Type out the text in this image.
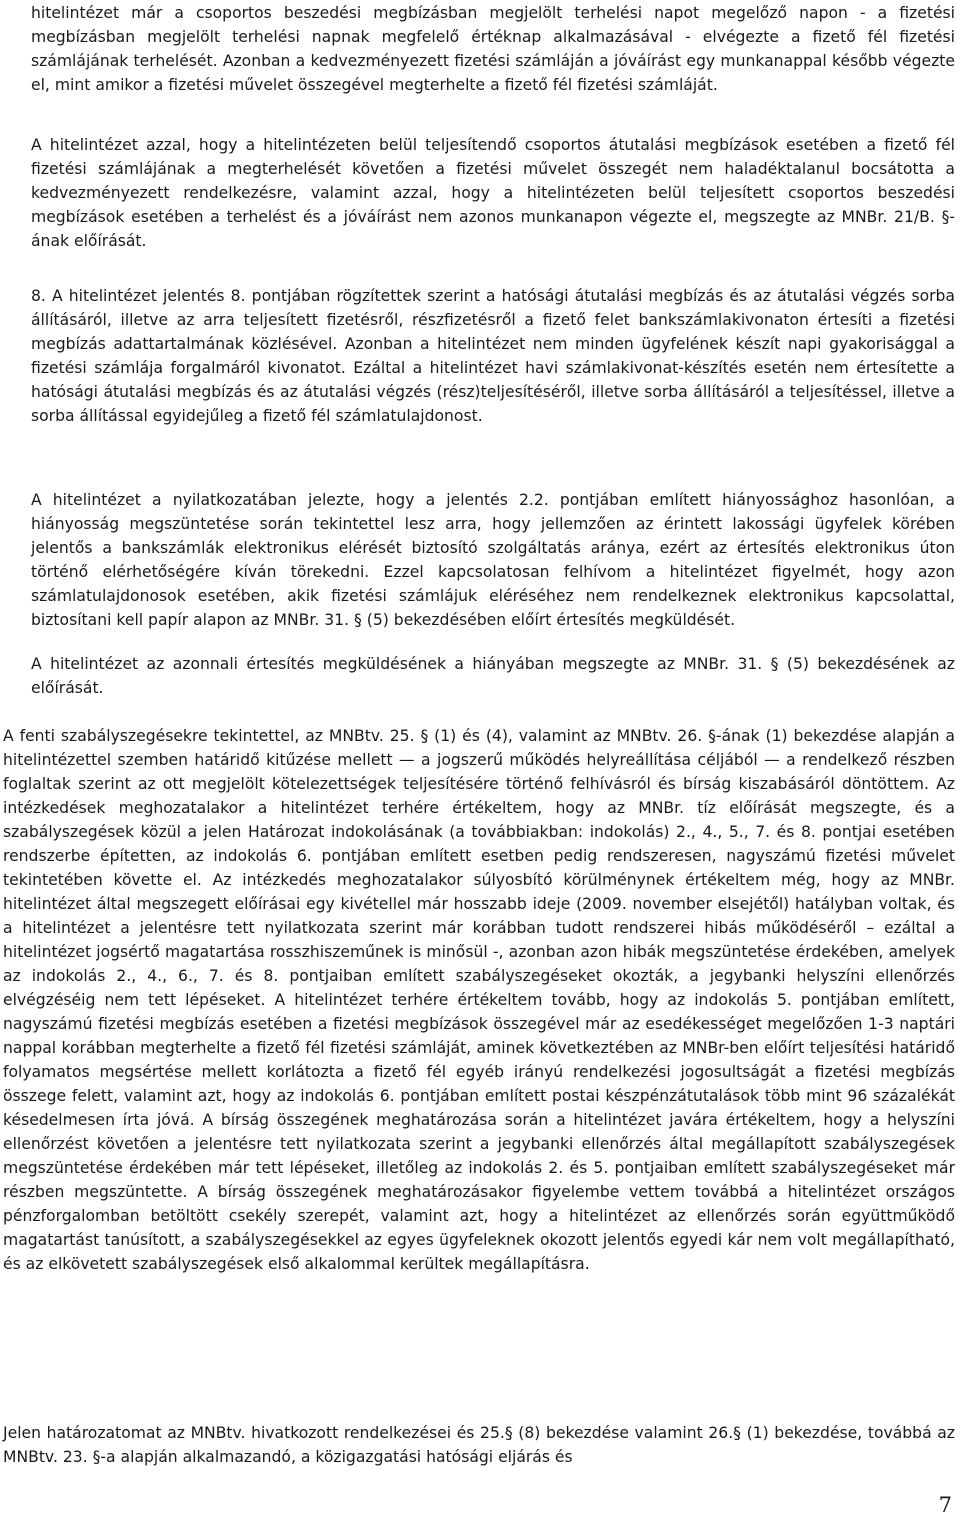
hitelintézet már a csoportos beszedési megbízásban megjelölt terhelési napot megelőző napon - a fizetési megbízásban megjelölt terhelési napnak megfelelő értéknap alkalmazásával - elvégezte a fizető fél fizetési számlájának terhelését. Azonban a kedvezményezett fizetési számláján a jóváírást egy munkanappal később végezte el, mint amikor a fizetési művelet összegével megterhelte a fizető fél fizetési számláját.

A hitelintézet azzal, hogy a hitelintézeten belül teljesítendő csoportos átutalási megbízások esetében a fizető fél fizetési számlájának a megterhelését követően a fizetési művelet összegét nem haladéktalanul bocsátotta a kedvezményezett rendelkezésre, valamint azzal, hogy a hitelintézeten belül teljesített csoportos beszedési megbízások esetében a terhelést és a jóváírást nem azonos munkanapon végezte el, megszegte az MNBr. 21/B. §-ának előírását.

8. A hitelintézet jelentés 8. pontjában rögzítettek szerint a hatósági átutalási megbízás és az átutalási végzés sorba állításáról, illetve az arra teljesített fizetésről, részfizetésről a fizető felet bankszámlakivonaton értesíti a fizetési megbízás adattartalmának közlésével. Azonban a hitelintézet nem minden ügyfelének készít napi gyakorisággal a fizetési számlája forgalmáról kivonatot. Ezáltal a hitelintézet havi számlakivonat-készítés esetén nem értesítette a hatósági átutalási megbízás és az átutalási végzés (rész)teljesítéséről, illetve sorba állításáról a teljesítéssel, illetve a sorba állítással egyidejűleg a fizető fél számlatulajdonost.

A hitelintézet a nyilatkozatában jelezte, hogy a jelentés 2.2. pontjában említett hiányossághoz hasonlóan, a hiányosság megszüntetése során tekintettel lesz arra, hogy jellemzően az érintett lakossági ügyfelek körében jelentős a bankszámlák elektronikus elérését biztosító szolgáltatás aránya, ezért az értesítés elektronikus úton történő elérhetőségére kíván törekedni. Ezzel kapcsolatosan felhívom a hitelintézet figyelmét, hogy azon számlatulajdonosok esetében, akik fizetési számlájuk eléréséhez nem rendelkeznek elektronikus kapcsolattal, biztosítani kell papír alapon az MNBr. 31. § (5) bekezdésében előírt értesítés megküldését.

A hitelintézet az azonnali értesítés megküldésének a hiányában megszegte az MNBr. 31. § (5) bekezdésének az előírását.

A fenti szabályszegésekre tekintettel, az MNBtv. 25. § (1) és (4), valamint az MNBtv. 26. §-ának (1) bekezdése alapján a hitelintézettel szemben határidő kitűzése mellett — a jogszerű működés helyreállítása céljából — a rendelkező részben foglaltak szerint az ott megjelölt kötelezettségek teljesítésére történő felhívásról és bírság kiszabásáról döntöttem. Az intézkedések meghozatalakor a hitelintézet terhére értékeltem, hogy az MNBr. tíz előírását megszegte, és a szabályszegések közül a jelen Határozat indokolásának (a továbbiakban: indokolás) 2., 4., 5., 7. és 8. pontjai esetében rendszerbe építetten, az indokolás 6. pontjában említett esetben pedig rendszeresen, nagyszámú fizetési művelet tekintetében követte el. Az intézkedés meghozatalakor súlyosbító körülménynek értékeltem még, hogy az MNBr. hitelintézet által megszegett előírásai egy kivétellel már hosszabb ideje (2009. november elsejétől) hatályban voltak, és a hitelintézet a jelentésre tett nyilatkozata szerint már korábban tudott rendszerei hibás működéséről – ezáltal a hitelintézet jogsértő magatartása rosszhiszeműnek is minősül -, azonban azon hibák megszüntetése érdekében, amelyek az indokolás 2., 4., 6., 7. és 8. pontjaiban említett szabályszegéseket okozták, a jegybanki helyszíni ellenőrzés elvégzéséig nem tett lépéseket. A hitelintézet terhére értékeltem tovább, hogy az indokolás 5. pontjában említett, nagyszámú fizetési megbízás esetében a fizetési megbízások összegével már az esedékességet megelőzően 1-3 naptári nappal korábban megterhelte a fizető fél fizetési számláját, aminek következtében az MNBr-ben előírt teljesítési határidő folyamatos megsértése mellett korlátozta a fizető fél egyéb irányú rendelkezési jogosultságát a fizetési megbízás összege felett, valamint azt, hogy az indokolás 6. pontjában említett postai készpénzátutalások több mint 96 százalékát késedelmesen írta jóvá. A bírság összegének meghatározása során a hitelintézet javára értékeltem, hogy a helyszíni ellenőrzést követően a jelentésre tett nyilatkozata szerint a jegybanki ellenőrzés által megállapított szabályszegések megszüntetése érdekében már tett lépéseket, illetőleg az indokolás 2. és 5. pontjaiban említett szabályszegéseket már részben megszüntette. A bírság összegének meghatározásakor figyelembe vettem továbbá a hitelintézet országos pénzforgalomban betöltött csekély szerepét, valamint azt, hogy a hitelintézet az ellenőrzés során együttműködő magatartást tanúsított, a szabályszegésekkel az egyes ügyfeleknek okozott jelentős egyedi kár nem volt megállapítható, és az elkövetett szabályszegések első alkalommal kerültek megállapításra.

Jelen határozatomat az MNBtv. hivatkozott rendelkezései és 25.§ (8) bekezdése valamint 26.§ (1) bekezdése, továbbá az MNBtv. 23. §-a alapján alkalmazandó, a közigazgatási hatósági eljárás és

7
